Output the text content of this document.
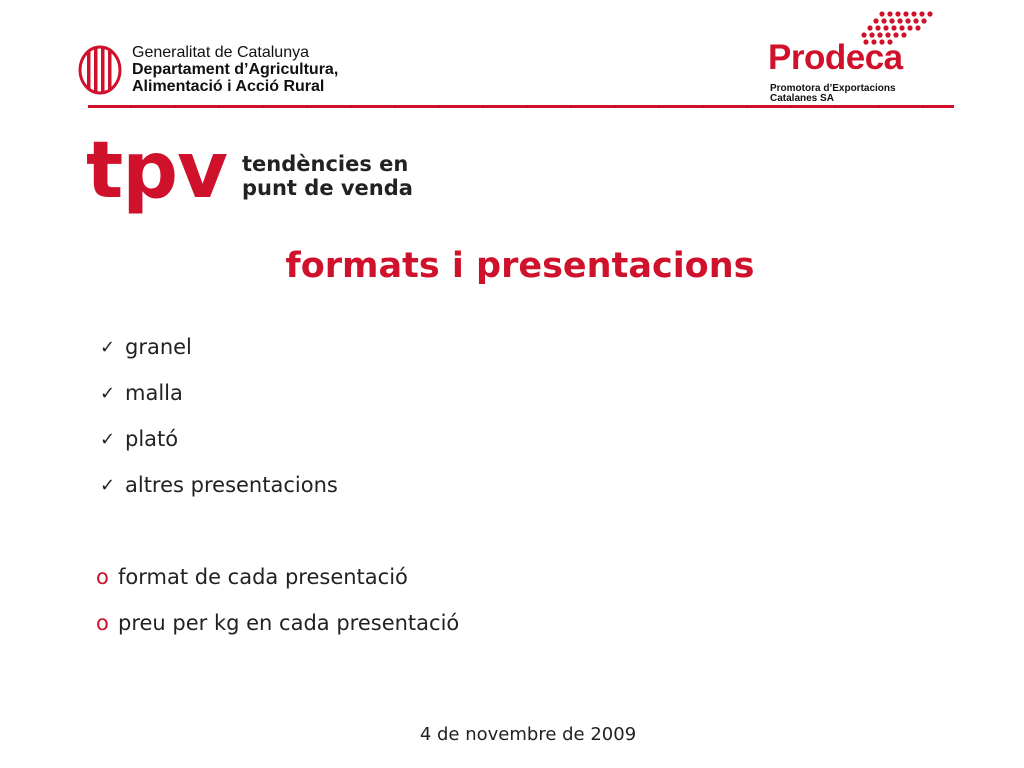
Generalitat de Catalunya
Departament d’Agricultura,
Alimentació i Acció Rural
Prodeca
Promotora d’Exportacions
Catalanes SA
tpv tendències en
punt de venda
formats i presentacions
✓ granel
✓ malla
✓ plató
✓ altres presentacions
o format de cada presentació
o preu per kg en cada presentació
4 de novembre de 2009
